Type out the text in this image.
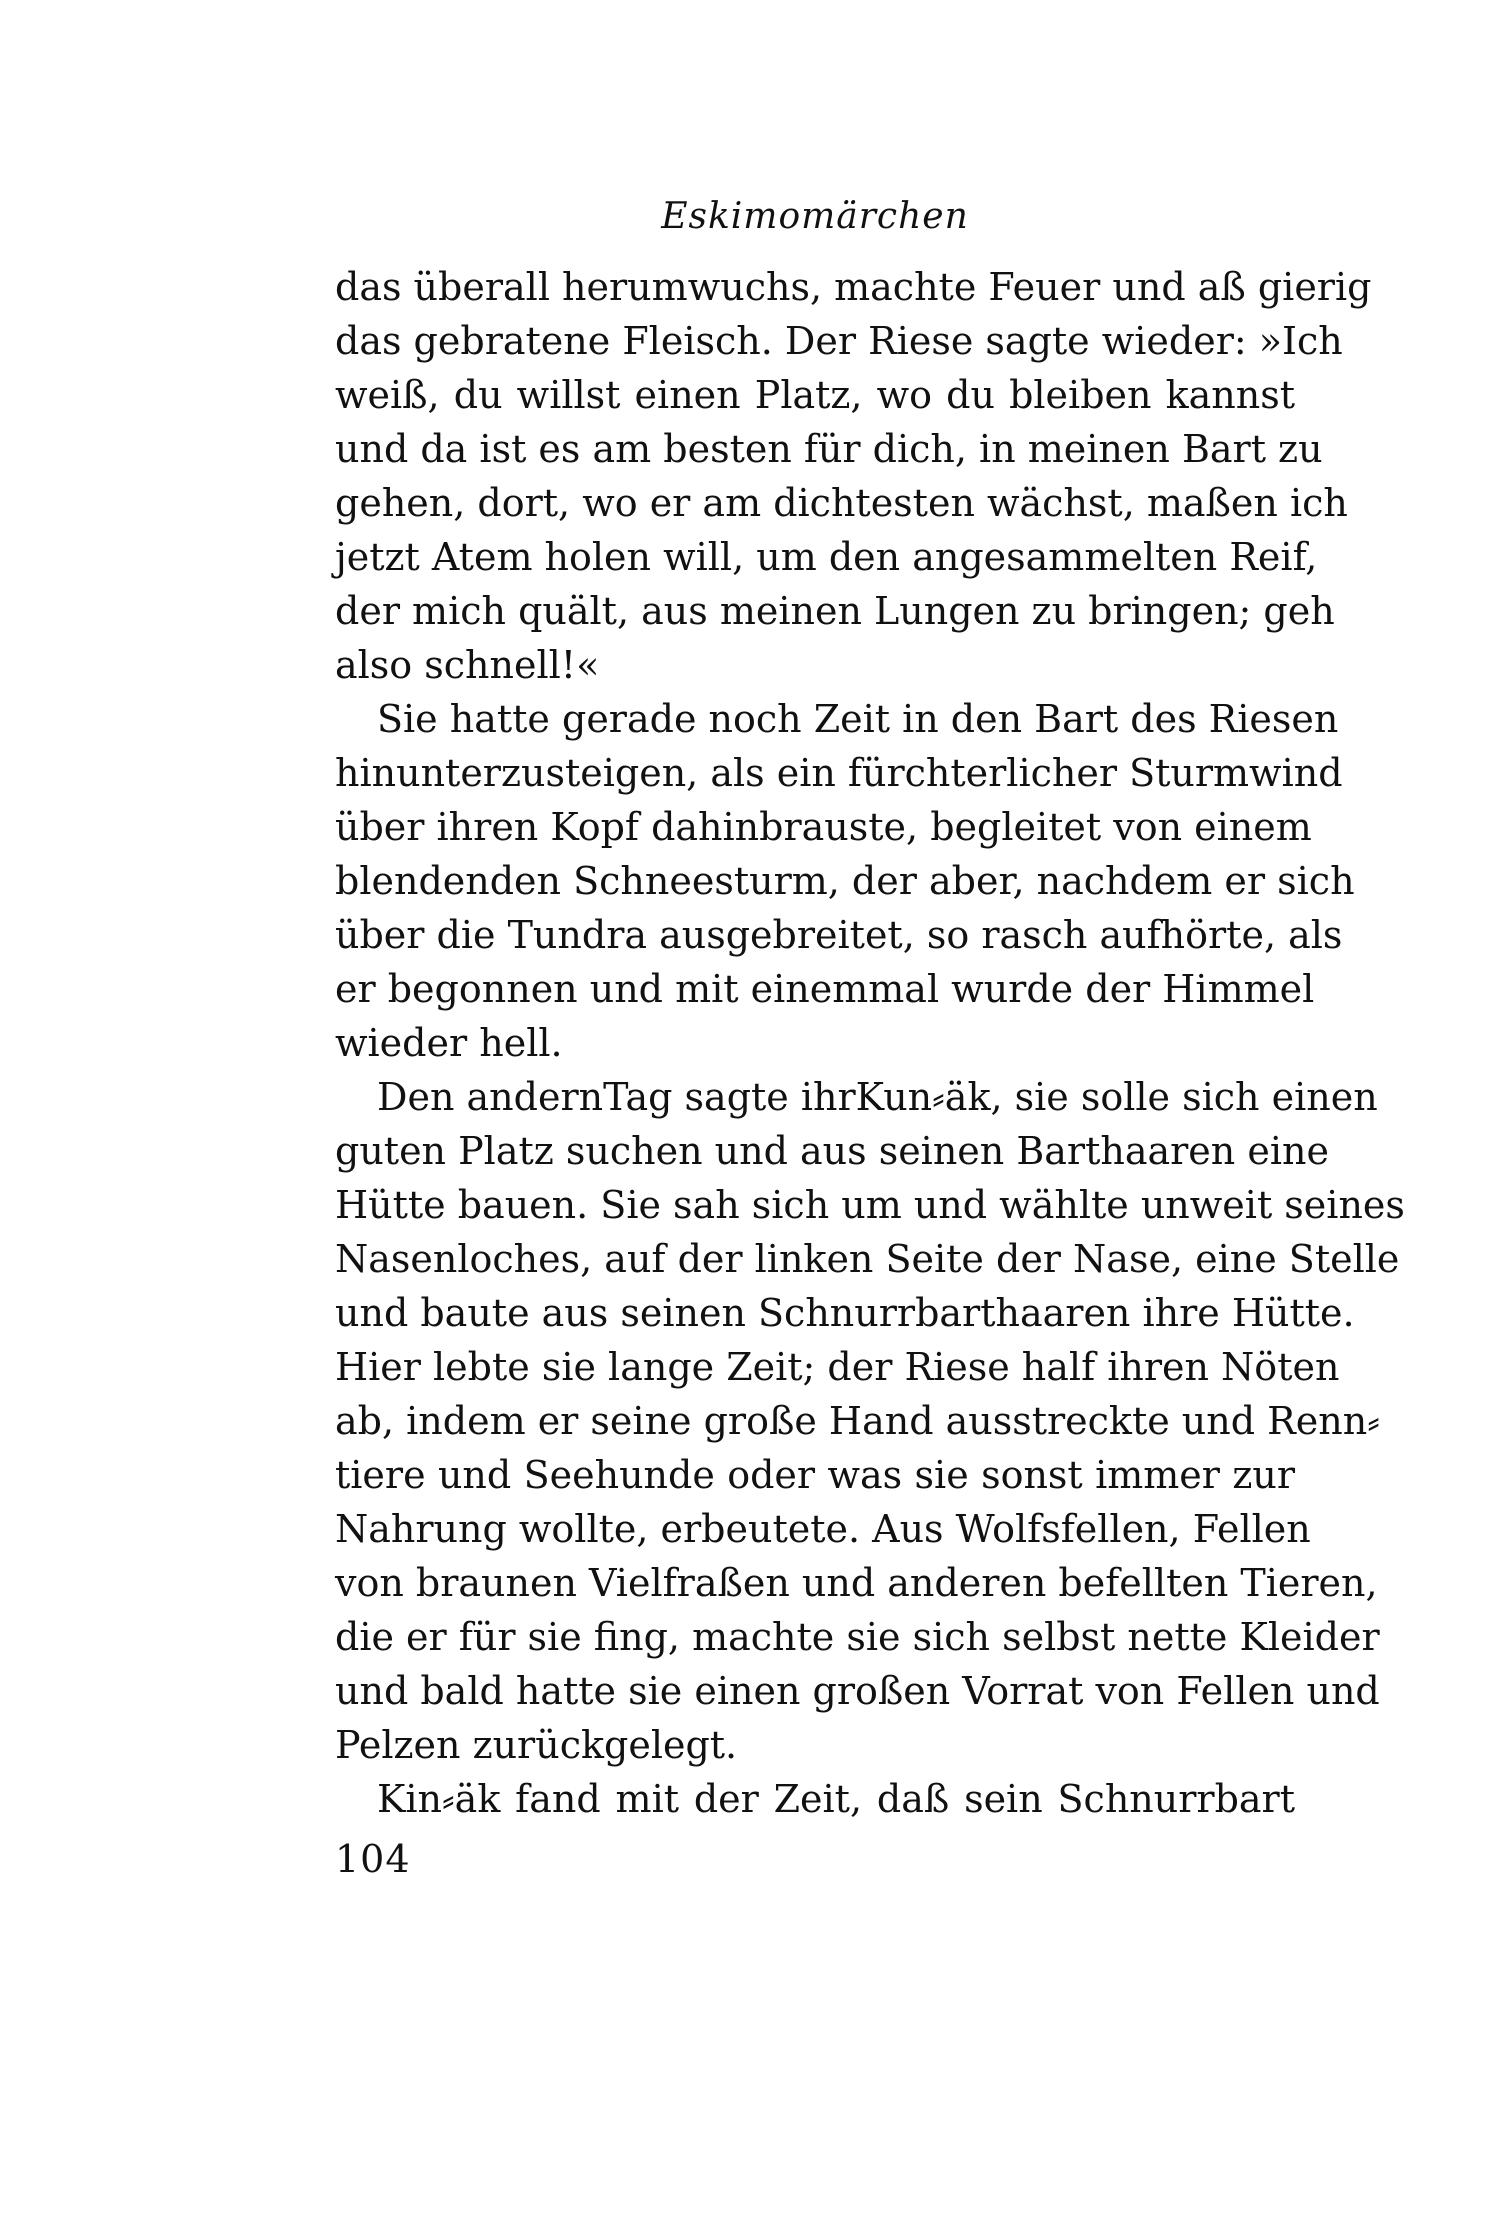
Eskimomärchen
das überall herumwuchs, machte Feuer und aß gierig
das gebratene Fleisch. Der Riese sagte wieder: »Ich
weiß, du willst einen Platz, wo du bleiben kannst
und da ist es am besten für dich, in meinen Bart zu
gehen, dort, wo er am dichtesten wächst, maßen ich
jetzt Atem holen will, um den angesammelten Reif,
der mich quält, aus meinen Lungen zu bringen; geh
also schnell!«
Sie hatte gerade noch Zeit in den Bart des Riesen
hinunterzusteigen, als ein fürchterlicher Sturmwind
über ihren Kopf dahinbrauste, begleitet von einem
blendenden Schneesturm, der aber, nachdem er sich
über die Tundra ausgebreitet, so rasch aufhörte, als
er begonnen und mit einemmal wurde der Himmel
wieder hell.
Den andernTag sagte ihrKun⸗äk, sie solle sich einen
guten Platz suchen und aus seinen Barthaaren eine
Hütte bauen. Sie sah sich um und wählte unweit seines
Nasenloches, auf der linken Seite der Nase, eine Stelle
und baute aus seinen Schnurrbarthaaren ihre Hütte.
Hier lebte sie lange Zeit; der Riese half ihren Nöten
ab, indem er seine große Hand ausstreckte und Renn⸗
tiere und Seehunde oder was sie sonst immer zur
Nahrung wollte, erbeutete. Aus Wolfsfellen, Fellen
von braunen Vielfraßen und anderen befellten Tieren,
die er für sie fing, machte sie sich selbst nette Kleider
und bald hatte sie einen großen Vorrat von Fellen und
Pelzen zurückgelegt.
Kin⸗äk fand mit der Zeit, daß sein Schnurrbart
104
